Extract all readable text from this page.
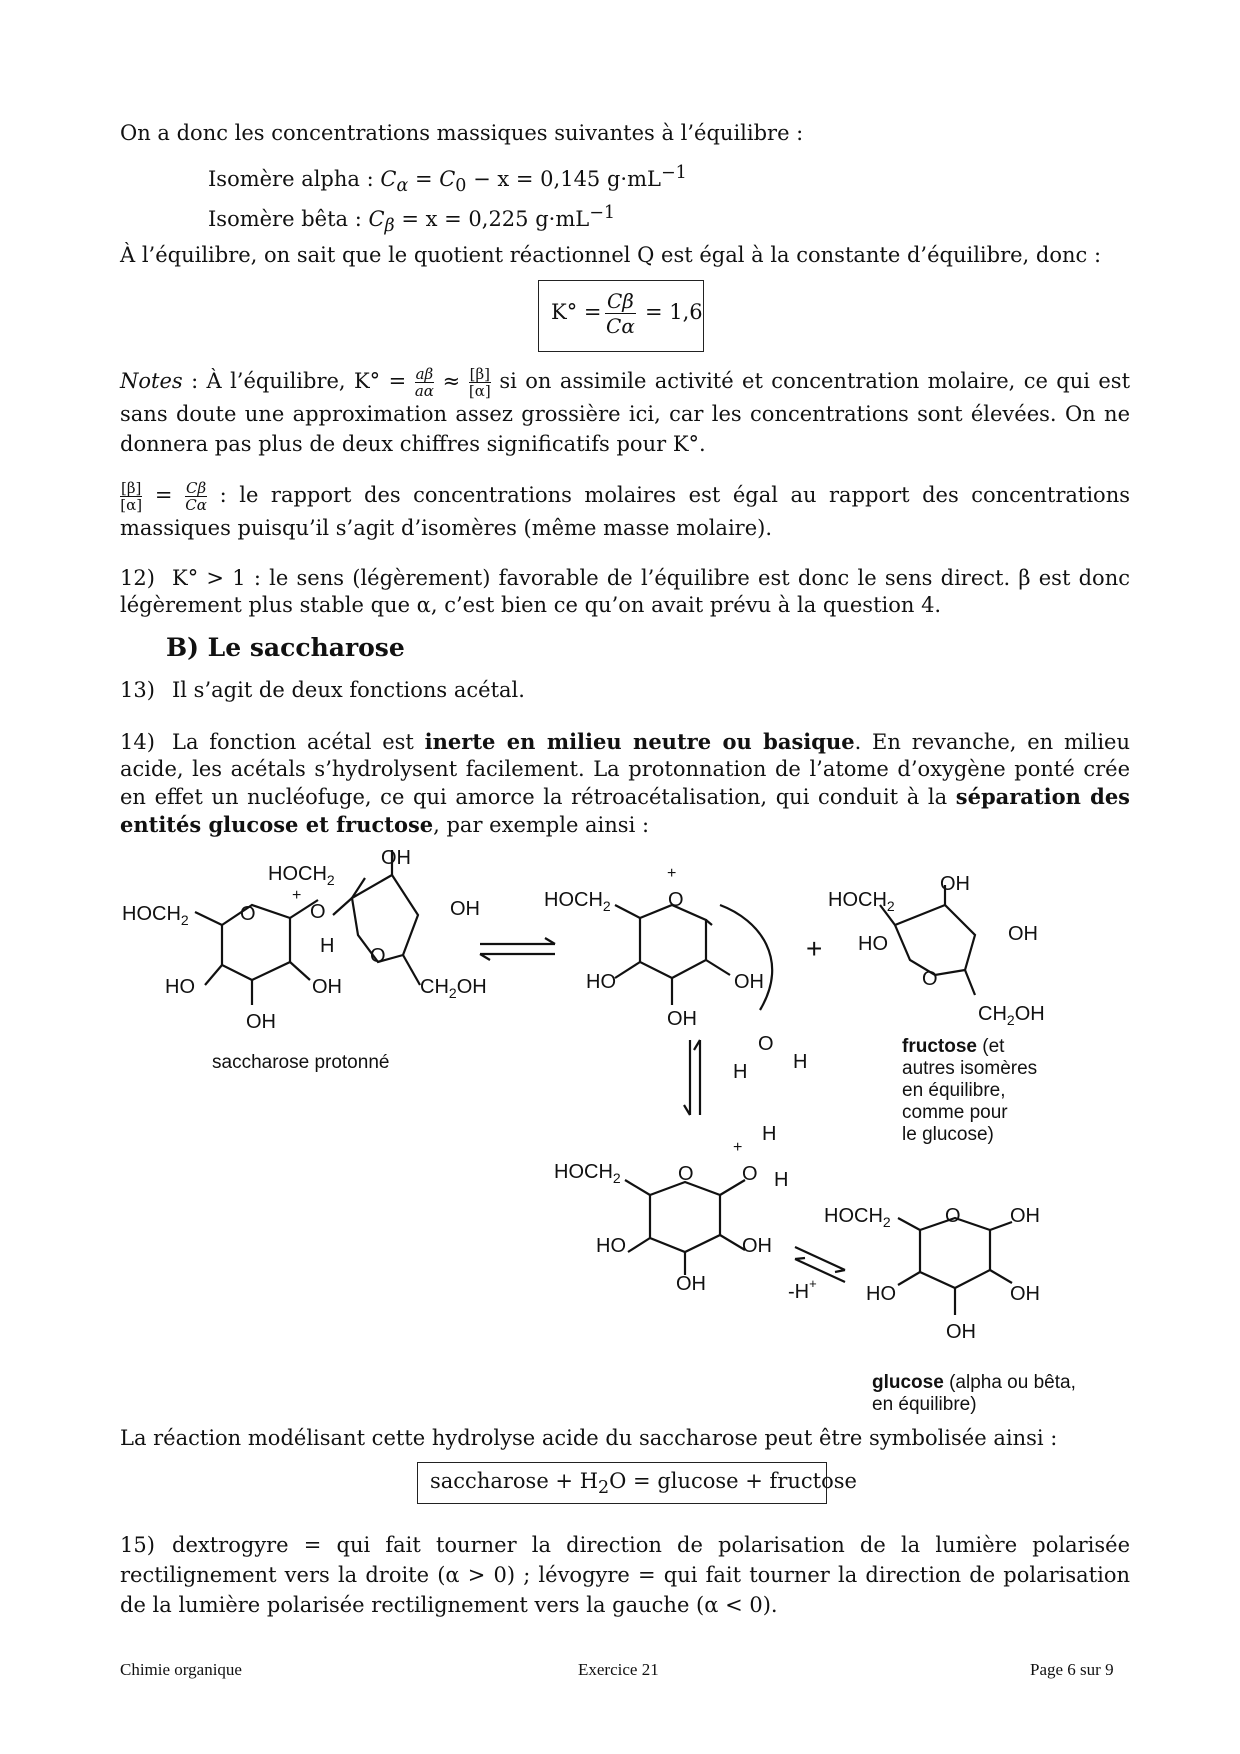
On a donc les concentrations massiques suivantes à l’équilibre :
Isomère alpha : $C_\alpha = C_0 - x = 0,145$ $g\cdot mL^{-1}$
Isomère bêta : $C_\beta = x = 0,225$ $g\cdot mL^{-1}$
À l’équilibre, on sait que le quotient réactionnel Q est égal à la constante d’équilibre, donc :
$K^\circ = \frac{C\beta}{C\alpha} = 1,6$
Notes : À l’équilibre, $K^\circ = \frac{a\beta}{a\alpha} \approx \frac{[\beta]}{[\alpha]}$ si on assimile activité et concentration molaire, ce qui est sans doute une approximation assez grossière ici, car les concentrations sont élevées. On ne donnera pas plus de deux chiffres significatifs pour K°.
$\frac{[\beta]}{[\alpha]} = \frac{C\beta}{C\alpha}$ : le rapport des concentrations molaires est égal au rapport des concentrations massiques puisqu’il s’agit d’isomères (même masse molaire).
12) K° > 1 : le sens (légèrement) favorable de l’équilibre est donc le sens direct. β est donc légèrement plus stable que α, c’est bien ce qu’on avait prévu à la question 4.
B) Le saccharose
13) Il s’agit de deux fonctions acétal.
14) La fonction acétal est inerte en milieu neutre ou basique. En revanche, en milieu acide, les acétals s’hydrolysent facilement. La protonnation de l’atome d’oxygène ponté crée en effet un nucléofuge, ce qui amorce la rétroacétalisation, qui conduit à la séparation des entités glucose et fructose, par exemple ainsi :
$HOCH_2$
$HOCH_2$
OH
OH
O	O
H O
HO	OH
OH
$CH_2OH$
+
saccharose protonné
$HOCH_2$	O
+
HO	OH
OH
O
H H
+
$HOCH_2$
OH
OH
HO
O
$CH_2OH$
fructose (et
autres isomères
en équilibre,
comme pour
le glucose)
$HOCH_2$	O O
+
H
H
HO	OH
OH	-H+
$HOCH_2$	O OH
HO	OH
OH
glucose (alpha ou bêta,
en équilibre)
La réaction modélisant cette hydrolyse acide du saccharose peut être symbolisée ainsi :
saccharose + $H_2O = glucose$ + fructose
15) dextrogyre = qui fait tourner la direction de polarisation de la lumière polarisée rectilignement vers la droite (α > 0) ; lévogyre = qui fait tourner la direction de polarisation de la lumière polarisée rectilignement vers la gauche (α < 0).
Chimie organique	Exercice 21	Page 6 sur 9
